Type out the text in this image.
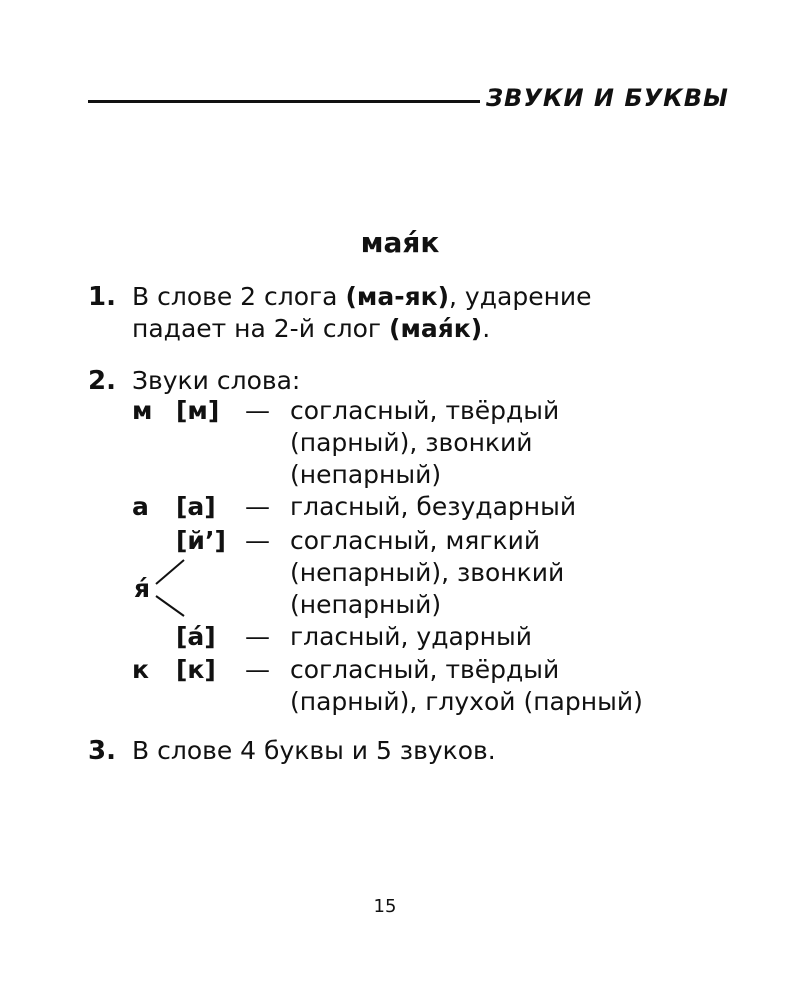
ЗВУКИ И БУКВЫ
мая́к
1. В слове 2 слога (ма-як), ударение
падает на 2-й слог (мая́к).
2. Звуки слова:
м [м] — согласный, твёрдый
(парный), звонкий
(непарный)
а [а] — гласный, безударный
[й’] — согласный, мягкий
(непарный), звонкий
(непарный)
я́
[а́] — гласный, ударный
к [к] — согласный, твёрдый
(парный), глухой (парный)
3. В слове 4 буквы и 5 звуков.
15
